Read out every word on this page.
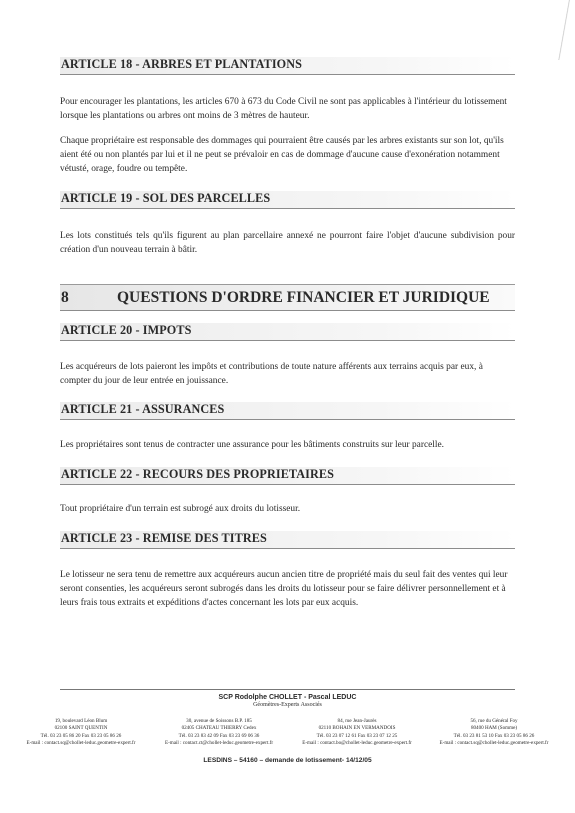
ARTICLE 18 - ARBRES ET PLANTATIONS

Pour encourager les plantations, les articles 670 à 673 du Code Civil ne sont pas applicables à l'intérieur du lotissement lorsque les plantations ou arbres ont moins de 3 mètres de hauteur.

Chaque propriétaire est responsable des dommages qui pourraient être causés par les arbres existants sur son lot, qu'ils aient été ou non plantés par lui et il ne peut se prévaloir en cas de dommage d'aucune cause d'exonération notamment vétusté, orage, foudre ou tempête.

ARTICLE 19 - SOL DES PARCELLES

Les lots constitués tels qu'ils figurent au plan parcellaire annexé ne pourront faire l'objet d'aucune subdivision pour création d'un nouveau terrain à bâtir.

8	QUESTIONS D'ORDRE FINANCIER ET JURIDIQUE
ARTICLE 20 - IMPOTS

Les acquéreurs de lots paieront les impôts et contributions de toute nature afférents aux terrains acquis par eux, à compter du jour de leur entrée en jouissance.

ARTICLE 21 - ASSURANCES

Les propriétaires sont tenus de contracter une assurance pour les bâtiments construits sur leur parcelle.

ARTICLE 22 - RECOURS DES PROPRIETAIRES

Tout propriétaire d'un terrain est subrogé aux droits du lotisseur.

ARTICLE 23 - REMISE DES TITRES

Le lotisseur ne sera tenu de remettre aux acquéreurs aucun ancien titre de propriété mais du seul fait des ventes qui leur seront consenties, les acquéreurs seront subrogés dans les droits du lotisseur pour se faire délivrer personnellement et à leurs frais tous extraits et expéditions d'actes concernant les lots par eux acquis.

SCP Rodolphe CHOLLET - Pascal LEDUC
Géomètres-Experts Associés
19, boulevard Léon Blum
02100 SAINT QUENTIN
Tél. 03 23 05 86 20 Fax 03 23 05 86 26
E-mail : contact.sq@chollet-leduc.geometre-expert.fr
30, avenue de Soissons B.P. 185
02405 CHATEAU THIERRY Cedex
Tél. 03 23 83 42 09 Fax 03 23 69 06 36
E-mail : contact.ct@chollet-leduc.geometre-expert.fr
84, rue Jean-Jaurès
02110 BOHAIN EN VERMANDOIS
Tél. 03 23 07 12 61 Fax 03 23 07 12 25
E-mail : contact.bo@chollet-leduc.geometre-expert.fr
56, rue du Général Foy
80400 HAM (Somme)
Tél. 03 23 81 53 10 Fax 03 23 05 86 26
E-mail : contact.sq@chollet-leduc.geometre-expert.fr
LESDINS – 54160 – demande de lotissement- 14/12/05
